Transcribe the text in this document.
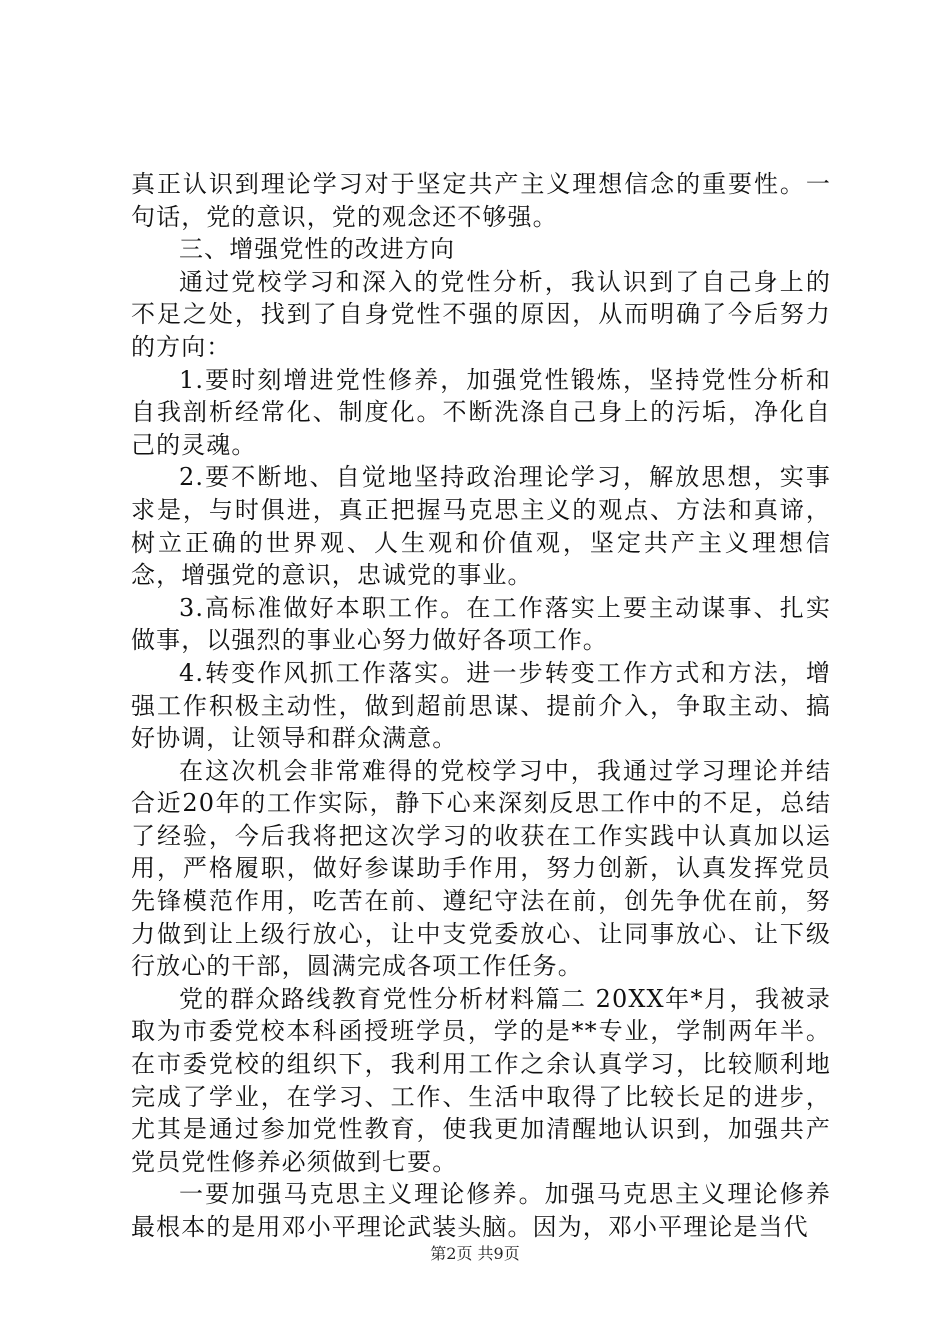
真正认识到理论学习对于坚定共产主义理想信念的重要性。一句话，党的意识，党的观念还不够强。

三、增强党性的改进方向

通过党校学习和深入的党性分析，我认识到了自己身上的不足之处，找到了自身党性不强的原因，从而明确了今后努力的方向：

1.要时刻增进党性修养，加强党性锻炼，坚持党性分析和自我剖析经常化、制度化。不断洗涤自己身上的污垢，净化自己的灵魂。

2.要不断地、自觉地坚持政治理论学习，解放思想，实事求是，与时俱进，真正把握马克思主义的观点、方法和真谛，树立正确的世界观、人生观和价值观，坚定共产主义理想信念，增强党的意识，忠诚党的事业。

3.高标准做好本职工作。在工作落实上要主动谋事、扎实做事，以强烈的事业心努力做好各项工作。

4.转变作风抓工作落实。进一步转变工作方式和方法，增强工作积极主动性，做到超前思谋、提前介入，争取主动、搞好协调，让领导和群众满意。

在这次机会非常难得的党校学习中，我通过学习理论并结合近20年的工作实际，静下心来深刻反思工作中的不足，总结了经验，今后我将把这次学习的收获在工作实践中认真加以运用，严格履职，做好参谋助手作用，努力创新，认真发挥党员先锋模范作用，吃苦在前、遵纪守法在前，创先争优在前，努力做到让上级行放心，让中支党委放心、让同事放心、让下级行放心的干部，圆满完成各项工作任务。

党的群众路线教育党性分析材料篇二 20XX年*月，我被录取为市委党校本科函授班学员，学的是**专业，学制两年半。在市委党校的组织下，我利用工作之余认真学习，比较顺利地完成了学业，在学习、工作、生活中取得了比较长足的进步，尤其是通过参加党性教育，使我更加清醒地认识到，加强共产党员党性修养必须做到七要。

一要加强马克思主义理论修养。加强马克思主义理论修养最根本的是用邓小平理论武装头脑。因为，邓小平理论是当代

第2页 共9页
